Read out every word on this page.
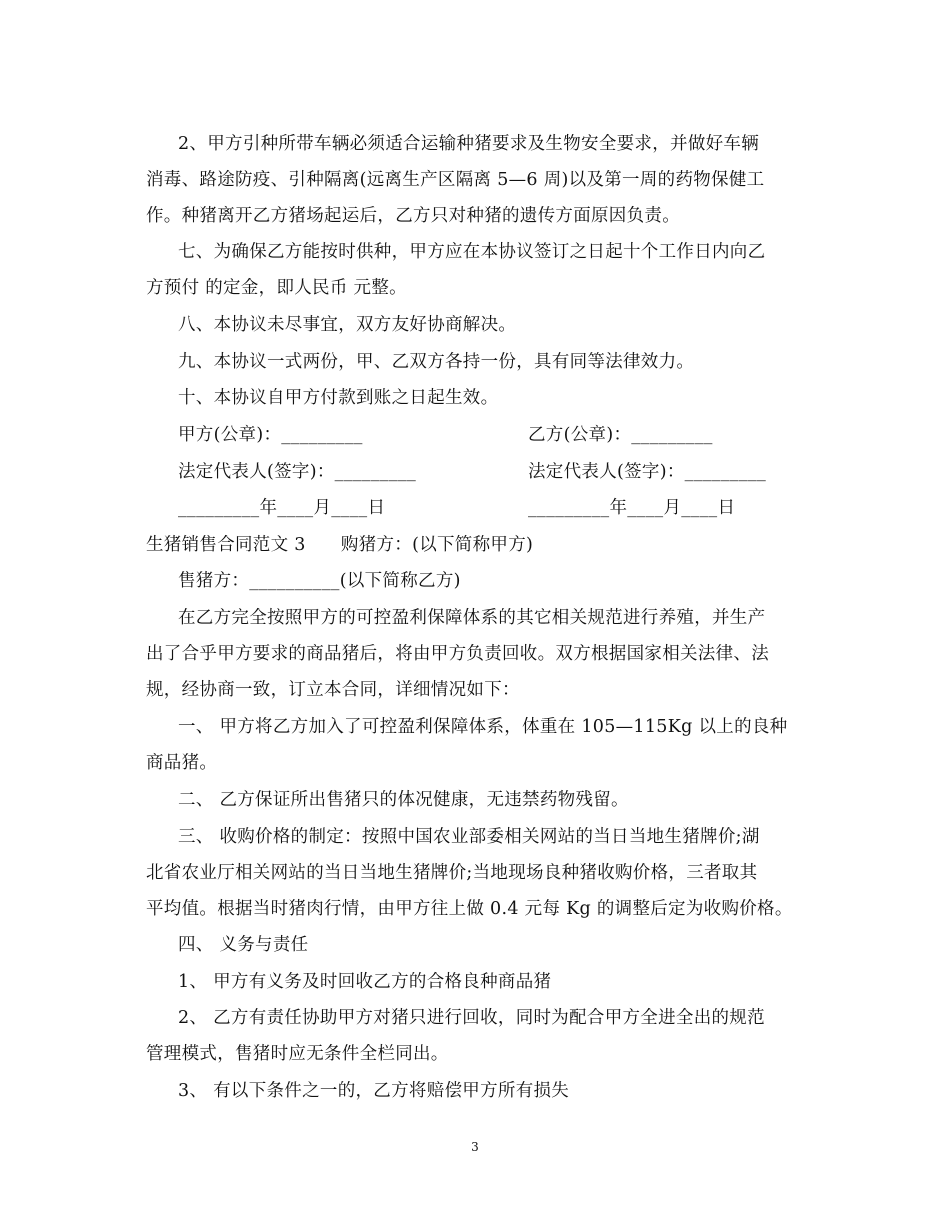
2、甲方引种所带车辆必须适合运输种猪要求及生物安全要求，并做好车辆
消毒、路途防疫、引种隔离(远离生产区隔离 5—6 周)以及第一周的药物保健工
作。种猪离开乙方猪场起运后，乙方只对种猪的遗传方面原因负责。
七、为确保乙方能按时供种，甲方应在本协议签订之日起十个工作日内向乙
方预付 的定金，即人民币 元整。
八、本协议未尽事宜，双方友好协商解决。
九、本协议一式两份，甲、乙双方各持一份，具有同等法律效力。
十、本协议自甲方付款到账之日起生效。
甲方(公章)：_________	乙方(公章)：_________
法定代表人(签字)：_________	法定代表人(签字)：_________
_________年____月____日	_________年____月____日
生猪销售合同范文 3      购猪方：(以下简称甲方)
售猪方：__________(以下简称乙方)
在乙方完全按照甲方的可控盈利保障体系的其它相关规范进行养殖，并生产
出了合乎甲方要求的商品猪后，将由甲方负责回收。双方根据国家相关法律、法
规，经协商一致，订立本合同，详细情况如下：
一、 甲方将乙方加入了可控盈利保障体系，体重在 105—115Kg 以上的良种
商品猪。
二、 乙方保证所出售猪只的体况健康，无违禁药物残留。
三、 收购价格的制定：按照中国农业部委相关网站的当日当地生猪牌价;湖
北省农业厅相关网站的当日当地生猪牌价;当地现场良种猪收购价格，三者取其
平均值。根据当时猪肉行情，由甲方往上做 0.4 元每 Kg 的调整后定为收购价格。
四、 义务与责任
1、 甲方有义务及时回收乙方的合格良种商品猪
2、 乙方有责任协助甲方对猪只进行回收，同时为配合甲方全进全出的规范
管理模式，售猪时应无条件全栏同出。
3、 有以下条件之一的，乙方将赔偿甲方所有损失
3
